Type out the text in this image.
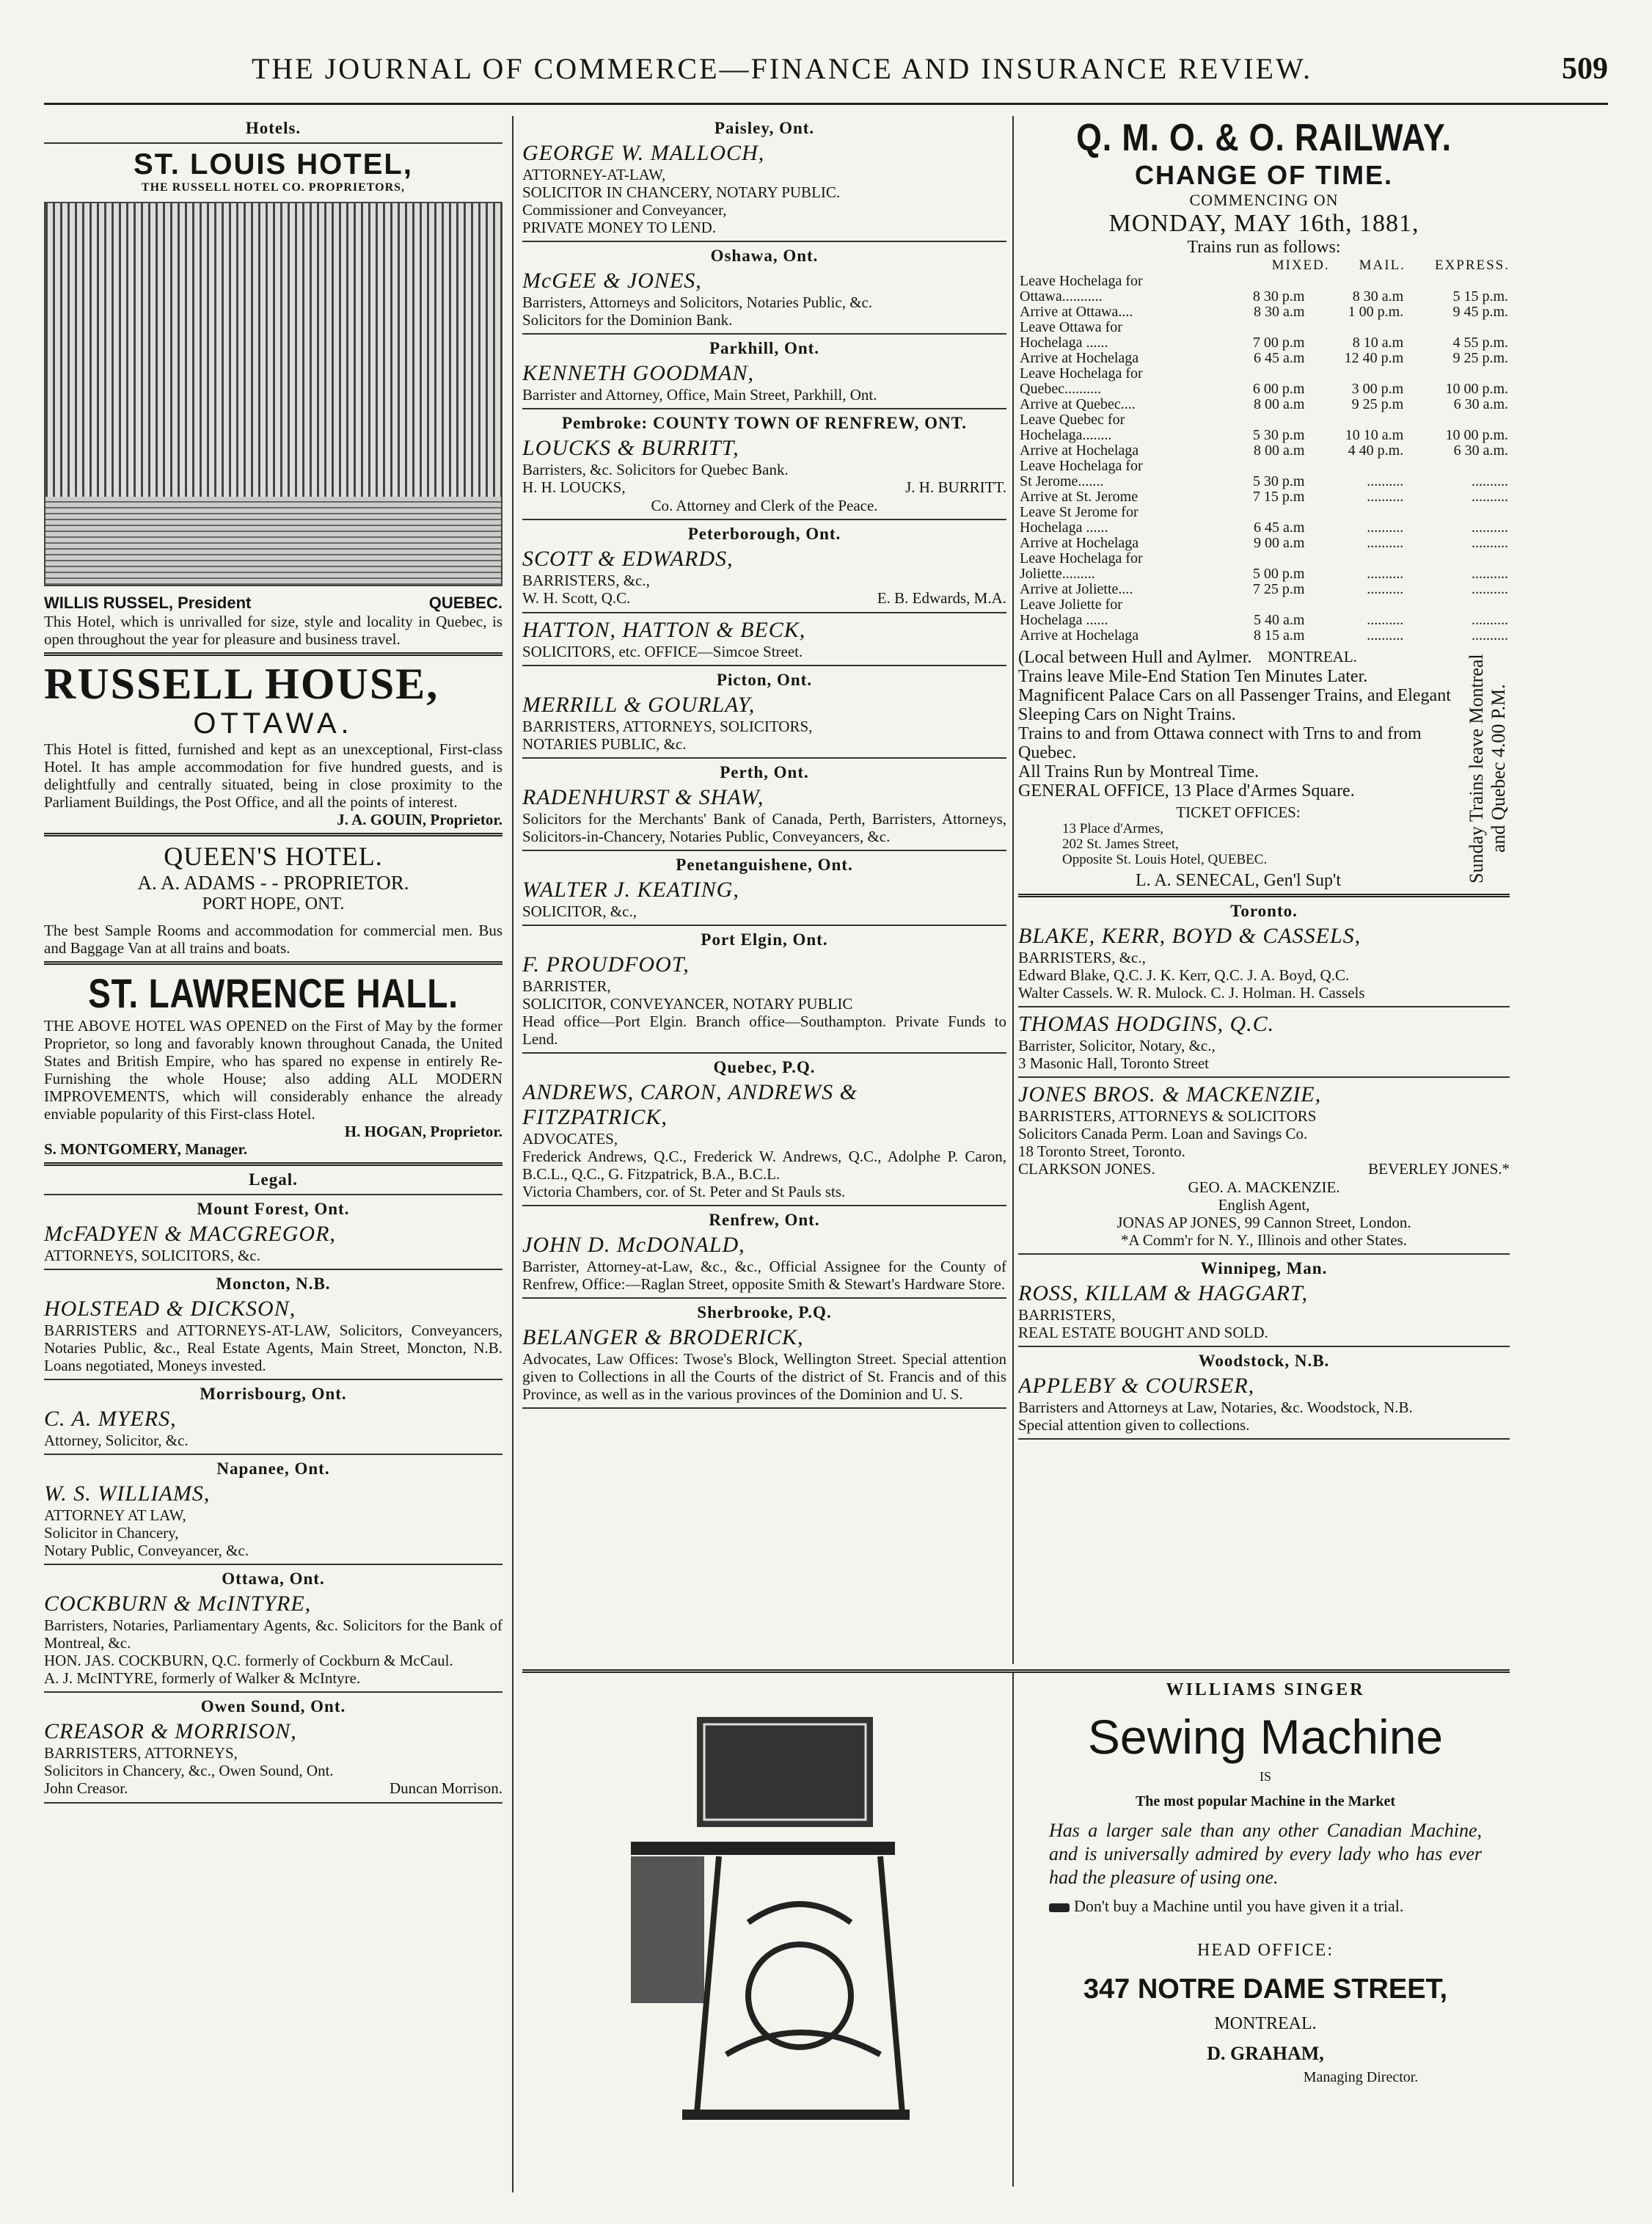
THE JOURNAL OF COMMERCE—FINANCE AND INSURANCE REVIEW.	509
Hotels.
ST. LOUIS HOTEL,
THE RUSSELL HOTEL CO. PROPRIETORS,
WILLIS RUSSEL, President	QUEBEC.
This Hotel, which is unrivalled for size, style and locality in Quebec, is open throughout the year for pleasure and business travel.
RUSSELL HOUSE,
OTTAWA.
This Hotel is fitted, furnished and kept as an unexceptional, First-class Hotel. It has ample accommodation for five hundred guests, and is delightfully and centrally situated, being in close proximity to the Parliament Buildings, the Post Office, and all the points of interest.
J. A. GOUIN, Proprietor.
QUEEN'S HOTEL.
A. A. ADAMS - - PROPRIETOR.
PORT HOPE, ONT.
The best Sample Rooms and accommodation for commercial men. Bus and Baggage Van at all trains and boats.
ST. LAWRENCE HALL.
THE ABOVE HOTEL WAS OPENED on the First of May by the former Proprietor, so long and favorably known throughout Canada, the United States and British Empire, who has spared no expense in entirely Re-Furnishing the whole House; also adding ALL MODERN IMPROVEMENTS, which will considerably enhance the already enviable popularity of this First-class Hotel.
H. HOGAN, Proprietor.
S. MONTGOMERY, Manager.
Legal.
Mount Forest, Ont.
McFADYEN & MACGREGOR,
ATTORNEYS, SOLICITORS, &c.
Moncton, N.B.
HOLSTEAD & DICKSON,
BARRISTERS and ATTORNEYS-AT-LAW, Solicitors, Conveyancers, Notaries Public, &c., Real Estate Agents, Main Street, Moncton, N.B. Loans negotiated, Moneys invested.
Morrisbourg, Ont.
C. A. MYERS,
Attorney, Solicitor, &c.
Napanee, Ont.
W. S. WILLIAMS,
ATTORNEY AT LAW,
Solicitor in Chancery,
Notary Public, Conveyancer, &c.
Ottawa, Ont.
COCKBURN & McINTYRE,
Barristers, Notaries, Parliamentary Agents, &c. Solicitors for the Bank of Montreal, &c.
HON. JAS. COCKBURN, Q.C. formerly of Cockburn & McCaul.
A. J. McINTYRE, formerly of Walker & McIntyre.
Owen Sound, Ont.
CREASOR & MORRISON,
BARRISTERS, ATTORNEYS,
Solicitors in Chancery, &c., Owen Sound, Ont.
John Creasor.	Duncan Morrison.
Paisley, Ont.
GEORGE W. MALLOCH,
ATTORNEY-AT-LAW,
SOLICITOR IN CHANCERY, NOTARY PUBLIC.
Commissioner and Conveyancer,
PRIVATE MONEY TO LEND.
Oshawa, Ont.
McGEE & JONES,
Barristers, Attorneys and Solicitors, Notaries Public, &c.
Solicitors for the Dominion Bank.
Parkhill, Ont.
KENNETH GOODMAN,
Barrister and Attorney, Office, Main Street, Parkhill, Ont.
Pembroke: COUNTY TOWN OF RENFREW, ONT.
LOUCKS & BURRITT,
Barristers, &c. Solicitors for Quebec Bank.
H. H. LOUCKS,	J. H. BURRITT.
Co. Attorney and Clerk of the Peace.
Peterborough, Ont.
SCOTT & EDWARDS,
BARRISTERS, &c.,
W. H. Scott, Q.C.	E. B. Edwards, M.A.
HATTON, HATTON & BECK,
SOLICITORS, etc. OFFICE—Simcoe Street.
Picton, Ont.
MERRILL & GOURLAY,
BARRISTERS, ATTORNEYS, SOLICITORS,
NOTARIES PUBLIC, &c.
Perth, Ont.
RADENHURST & SHAW,
Solicitors for the Merchants' Bank of Canada, Perth, Barristers, Attorneys, Solicitors-in-Chancery, Notaries Public, Conveyancers, &c.
Penetanguishene, Ont.
WALTER J. KEATING,
SOLICITOR, &c.,
Port Elgin, Ont.
F. PROUDFOOT,
BARRISTER,
SOLICITOR, CONVEYANCER, NOTARY PUBLIC
Head office—Port Elgin. Branch office—Southampton. Private Funds to Lend.
Quebec, P.Q.
ANDREWS, CARON, ANDREWS & FITZPATRICK,
ADVOCATES,
Frederick Andrews, Q.C., Frederick W. Andrews, Q.C., Adolphe P. Caron, B.C.L., Q.C., G. Fitzpatrick, B.A., B.C.L.
Victoria Chambers, cor. of St. Peter and St Pauls sts.
Renfrew, Ont.
JOHN D. McDONALD,
Barrister, Attorney-at-Law, &c., &c., Official Assignee for the County of Renfrew, Office:—Raglan Street, opposite Smith & Stewart's Hardware Store.
Sherbrooke, P.Q.
BELANGER & BRODERICK,
Advocates, Law Offices: Twose's Block, Wellington Street. Special attention given to Collections in all the Courts of the district of St. Francis and of this Province, as well as in the various provinces of the Dominion and U. S.
Q. M. O. & O. RAILWAY.
CHANGE OF TIME.
COMMENCING ON
MONDAY, MAY 16th, 1881,
Trains run as follows:
MIXED. MAIL. EXPRESS.
Leave Hochelaga for			
Ottawa...........	8 30 p.m	8 30 a.m	5 15 p.m.
Arrive at Ottawa....	8 30 a.m	1 00 p.m.	9 45 p.m.
Leave Ottawa for			
Hochelaga ......	7 00 p.m	8 10 a.m	4 55 p.m.
Arrive at Hochelaga	6 45 a.m	12 40 p.m	9 25 p.m.
Leave Hochelaga for			
Quebec..........	6 00 p.m	3 00 p.m	10 00 p.m.
Arrive at Quebec....	8 00 a.m	9 25 p.m	6 30 a.m.
Leave Quebec for			
Hochelaga........	5 30 p.m	10 10 a.m	10 00 p.m.
Arrive at Hochelaga	8 00 a.m	4 40 p.m.	6 30 a.m.
Leave Hochelaga for			
St Jerome.......	5 30 p.m	..........	..........
Arrive at St. Jerome	7 15 p.m	..........	..........
Leave St Jerome for			
Hochelaga ......	6 45 a.m	..........	..........
Arrive at Hochelaga	9 00 a.m	..........	..........
Leave Hochelaga for			
Joliette.........	5 00 p.m	..........	..........
Arrive at Joliette....	7 25 p.m	..........	..........
Leave Joliette for			
Hochelaga ......	5 40 a.m	..........	..........
Arrive at Hochelaga	8 15 a.m	..........	..........
(Local between Hull and Aylmer.
Trains leave Mile-End Station Ten Minutes Later.
Magnificent Palace Cars on all Passenger Trains, and Elegant Sleeping Cars on Night Trains.
Trains to and from Ottawa connect with Trns to and from Quebec.
All Trains Run by Montreal Time.
GENERAL OFFICE, 13 Place d'Armes Square.
TICKET OFFICES:
13 Place d'Armes,
202 St. James Street,
Opposite St. Louis Hotel, QUEBEC.
MONTREAL.
L. A. SENECAL, Gen'l Sup't	Sunday Trains leave Montreal and Quebec 4.00 P.M.
Toronto.
BLAKE, KERR, BOYD & CASSELS,
BARRISTERS, &c.,
Edward Blake, Q.C. J. K. Kerr, Q.C. J. A. Boyd, Q.C.
Walter Cassels. W. R. Mulock. C. J. Holman. H. Cassels
THOMAS HODGINS, Q.C.
Barrister, Solicitor, Notary, &c.,
3 Masonic Hall, Toronto Street
JONES BROS. & MACKENZIE,
BARRISTERS, ATTORNEYS & SOLICITORS
Solicitors Canada Perm. Loan and Savings Co.
18 Toronto Street, Toronto.
CLARKSON JONES.	BEVERLEY JONES.*
GEO. A. MACKENZIE.
English Agent,
JONAS AP JONES, 99 Cannon Street, London.
*A Comm'r for N. Y., Illinois and other States.
Winnipeg, Man.
ROSS, KILLAM & HAGGART,
BARRISTERS,
REAL ESTATE BOUGHT AND SOLD.
Woodstock, N.B.
APPLEBY & COURSER,
Barristers and Attorneys at Law, Notaries, &c. Woodstock, N.B.
Special attention given to collections.
WILLIAMS SINGER
Sewing Machine
IS
The most popular Machine in the Market
Has a larger sale than any other Canadian Machine, and is universally admired by every lady who has ever had the pleasure of using one.
Don't buy a Machine until you have given it a trial.
HEAD OFFICE:
347 NOTRE DAME STREET,
MONTREAL.
D. GRAHAM,
Managing Director.
